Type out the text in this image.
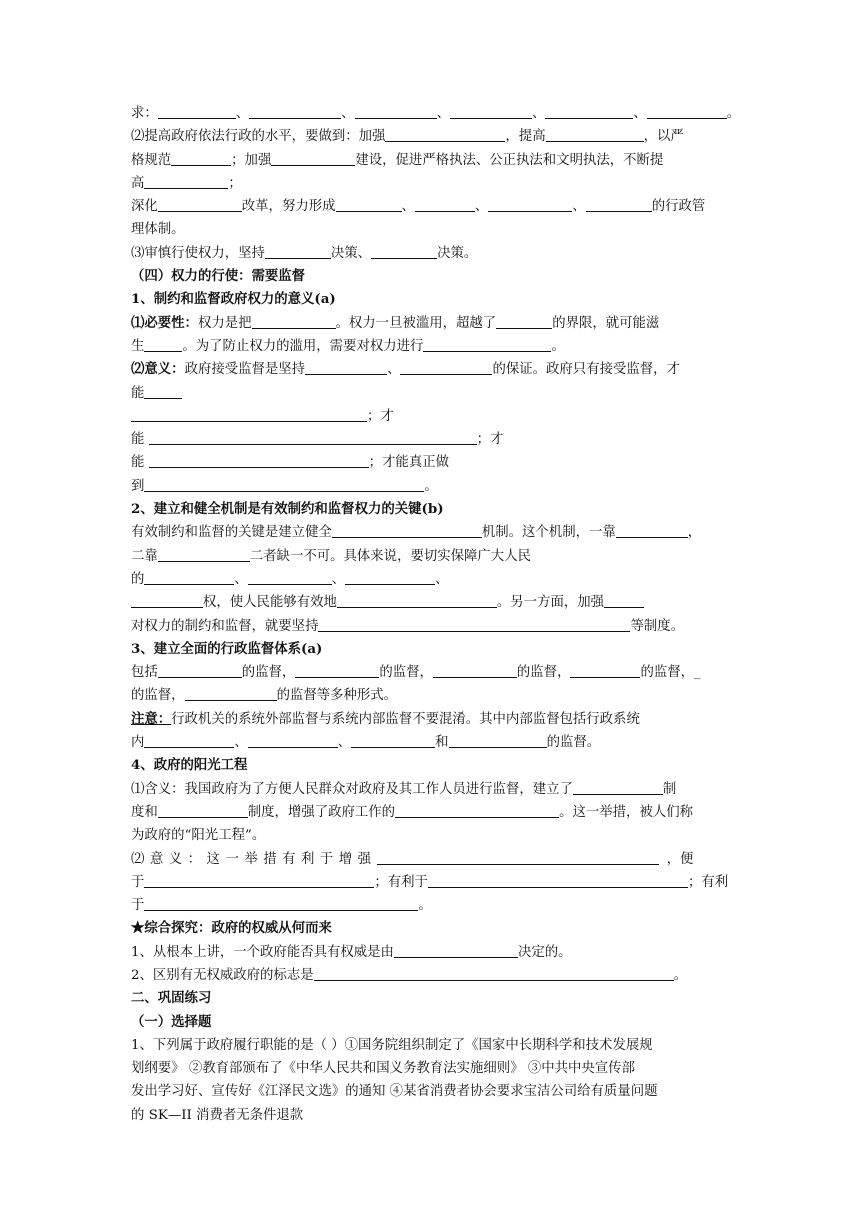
求：	、	、	、	、	、	。
⑵提高政府依法行政的水平，要做到：加强	，提高	，以严
格规范	；加强	建设，促进严格执法、公正执法和文明执法，不断提
高	；
深化	改革，努力形成	、	、	、	的行政管
理体制。
⑶审慎行使权力，坚持	决策、	决策。
（四）权力的行使：需要监督
1、制约和监督政府权力的意义(a)
⑴必要性：权力是把	。权力一旦被滥用，超越了	的界限，就可能滋
生	。为了防止权力的滥用，需要对权力进行	。
⑵意义：政府接受监督是坚持	、	的保证。政府只有接受监督，才
能
；才
能	；才
能	；才能真正做
到	。
2、建立和健全机制是有效制约和监督权力的关键(b)
有效制约和监督的关键是建立健全	机制。这个机制，一靠	，
二靠	二者缺一不可。具体来说，要切实保障广大人民
的	、	、	、
权，使人民能够有效地	。另一方面，加强
对权力的制约和监督，就要坚持	等制度。
3、建立全面的行政监督体系(a)
包括	的监督，	的监督，	的监督，	的监督，_
的监督，	的监督等多种形式。
注意：行政机关的系统外部监督与系统内部监督不要混淆。其中内部监督包括行政系统
内	、	、	和	的监督。
4、政府的阳光工程
⑴含义：我国政府为了方便人民群众对政府及其工作人员进行监督，建立了	制
度和	制度，增强了政府工作的	。这一举措，被人们称
为政府的“阳光工程”。
⑵意义：这一举措有利于增强	，便
于	；有利于	；有利
于	。
★综合探究：政府的权威从何而来
1、从根本上讲，一个政府能否具有权威是由	决定的。
2、区别有无权威政府的标志是	。
二、巩固练习
（一）选择题
1、下列属于政府履行职能的是（ ）①国务院组织制定了《国家中长期科学和技术发展规
划纲要》 ②教育部颁布了《中华人民共和国义务教育法实施细则》 ③中共中央宣传部
发出学习好、宣传好《江泽民文选》的通知 ④某省消费者协会要求宝洁公司给有质量问题
的 SK—II 消费者无条件退款
